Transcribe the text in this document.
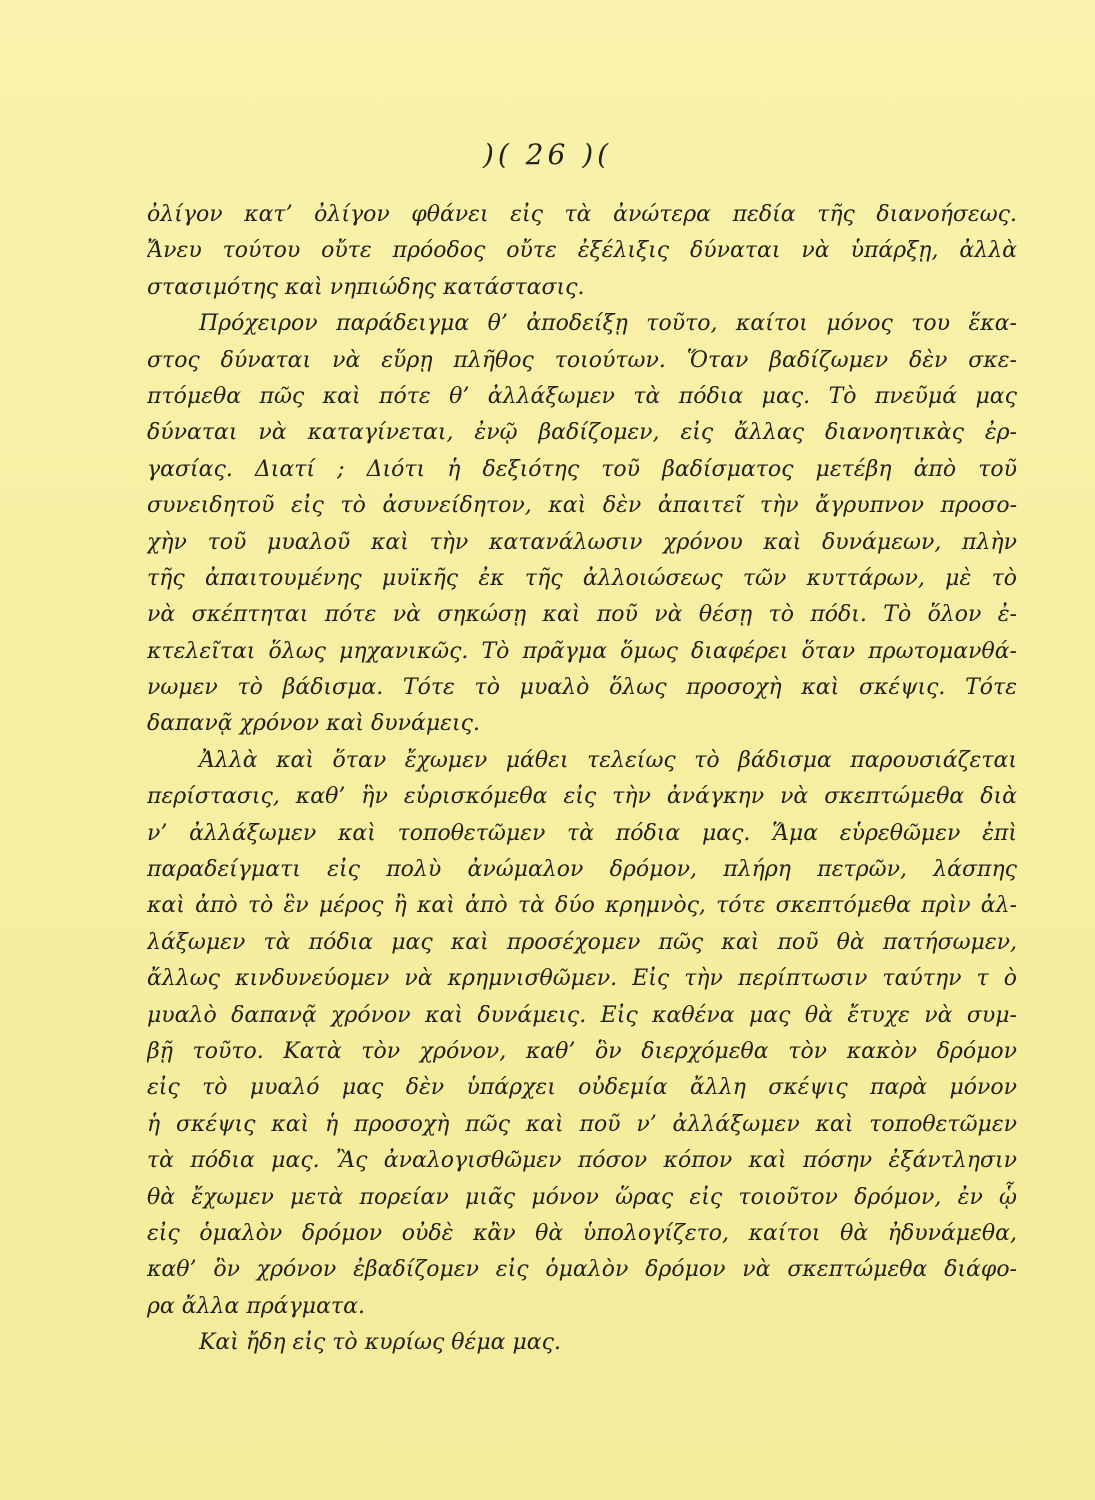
)( 26 )(
ὀλίγον κατ’ ὀλίγον φθάνει εἰς τὰ ἀνώτερα πεδία τῆς διανοήσεως.
Ἄνευ τούτου οὔτε πρόοδος οὔτε ἐξέλιξις δύναται νὰ ὑπάρξῃ, ἀλλὰ
στασιμότης καὶ νηπιώδης κατάστασις.
Πρόχειρον παράδειγμα θ’ ἀποδείξῃ τοῦτο, καίτοι μόνος του ἕκα-
στος δύναται νὰ εὕρῃ πλῆθος τοιούτων. Ὅταν βαδίζωμεν δὲν σκε-
πτόμεθα πῶς καὶ πότε θ’ ἀλλάξωμεν τὰ πόδια μας. Τὸ πνεῦμά μας
δύναται νὰ καταγίνεται, ἐνῷ βαδίζομεν, εἰς ἄλλας διανοητικὰς ἐρ-
γασίας. Διατί ; Διότι ἡ δεξιότης τοῦ βαδίσματος μετέβη ἀπὸ τοῦ
συνειδητοῦ εἰς τὸ ἀσυνείδητον, καὶ δὲν ἀπαιτεῖ τὴν ἄγρυπνον προσο-
χὴν τοῦ μυαλοῦ καὶ τὴν κατανάλωσιν χρόνου καὶ δυνάμεων, πλὴν
τῆς ἀπαιτουμένης μυϊκῆς ἐκ τῆς ἀλλοιώσεως τῶν κυττάρων, μὲ τὸ
νὰ σκέπτηται πότε νὰ σηκώσῃ καὶ ποῦ νὰ θέσῃ τὸ πόδι. Τὸ ὅλον ἐ-
κτελεῖται ὅλως μηχανικῶς. Τὸ πρᾶγμα ὅμως διαφέρει ὅταν πρωτομανθά-
νωμεν τὸ βάδισμα. Τότε τὸ μυαλὸ ὅλως προσοχὴ καὶ σκέψις. Τότε
δαπανᾷ χρόνον καὶ δυνάμεις.
Ἀλλὰ καὶ ὅταν ἔχωμεν μάθει τελείως τὸ βάδισμα παρουσιάζεται
περίστασις, καθ’ ἣν εὑρισκόμεθα εἰς τὴν ἀνάγκην νὰ σκεπτώμεθα διὰ
ν’ ἀλλάξωμεν καὶ τοποθετῶμεν τὰ πόδια μας. Ἅμα εὑρεθῶμεν ἐπὶ
παραδείγματι εἰς πολὺ ἀνώμαλον δρόμον, πλήρη πετρῶν, λάσπης
καὶ ἀπὸ τὸ ἓν μέρος ἢ καὶ ἀπὸ τὰ δύο κρημνὸς, τότε σκεπτόμεθα πρὶν ἀλ-
λάξωμεν τὰ πόδια μας καὶ προσέχομεν πῶς καὶ ποῦ θὰ πατήσωμεν,
ἄλλως κινδυνεύομεν νὰ κρημνισθῶμεν. Εἰς τὴν περίπτωσιν ταύτην τ ὸ
μυαλὸ δαπανᾷ χρόνον καὶ δυνάμεις. Εἰς καθένα μας θὰ ἔτυχε νὰ συμ-
βῇ τοῦτο. Κατὰ τὸν χρόνον, καθ’ ὃν διερχόμεθα τὸν κακὸν δρόμον
εἰς τὸ μυαλό μας δὲν ὑπάρχει οὐδεμία ἄλλη σκέψις παρὰ μόνον
ἡ σκέψις καὶ ἡ προσοχὴ πῶς καὶ ποῦ ν’ ἀλλάξωμεν καὶ τοποθετῶμεν
τὰ πόδια μας. Ἂς ἀναλογισθῶμεν πόσον κόπον καὶ πόσην ἐξάντλησιν
θὰ ἔχωμεν μετὰ πορείαν μιᾶς μόνον ὥρας εἰς τοιοῦτον δρόμον, ἐν ᾧ
εἰς ὁμαλὸν δρόμον οὐδὲ κἂν θὰ ὑπολογίζετο, καίτοι θὰ ἠδυνάμεθα,
καθ’ ὃν χρόνον ἐβαδίζομεν εἰς ὁμαλὸν δρόμον νὰ σκεπτώμεθα διάφο-
ρα ἄλλα πράγματα.
Καὶ ἤδη εἰς τὸ κυρίως θέμα μας.
